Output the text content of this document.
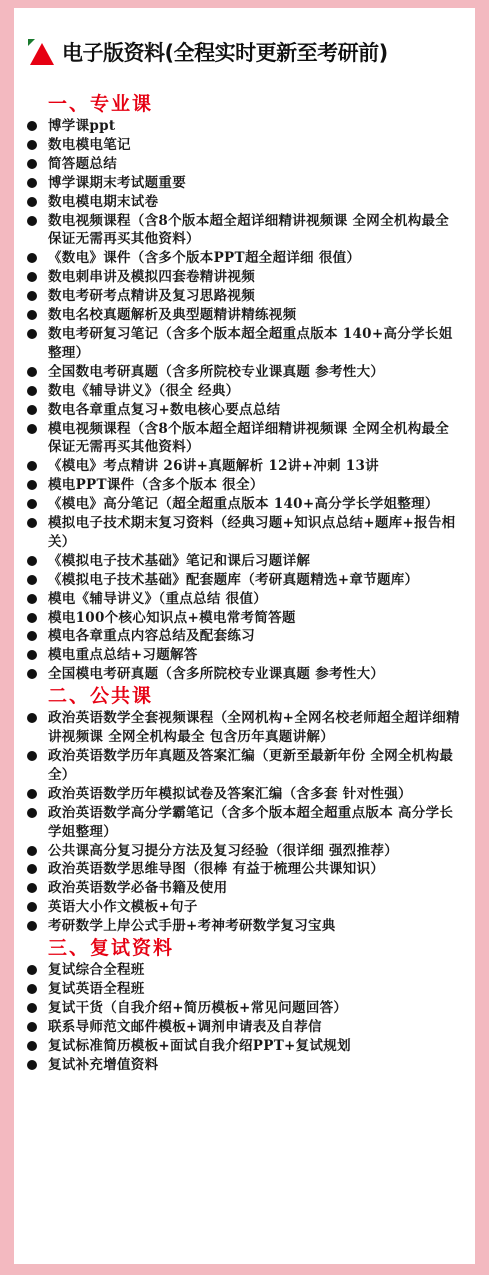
电子版资料(全程实时更新至考研前)
一、专业课
博学课ppt
数电模电笔记
简答题总结
博学课期末考试题重要
数电模电期末试卷
数电视频课程（含8个版本超全超详细精讲视频课 全网全机构最全 保证无需再买其他资料）
《数电》课件（含多个版本PPT超全超详细 很值）
数电刺串讲及模拟四套卷精讲视频
数电考研考点精讲及复习思路视频
数电名校真题解析及典型题精讲精练视频
数电考研复习笔记（含多个版本超全超重点版本 140+高分学长姐整理）
全国数电考研真题（含多所院校专业课真题 参考性大）
数电《辅导讲义》（很全 经典）
数电各章重点复习+数电核心要点总结
模电视频课程（含8个版本超全超详细精讲视频课 全网全机构最全 保证无需再买其他资料）
《模电》考点精讲 26讲+真题解析 12讲+冲刺 13讲
模电PPT课件（含多个版本 很全）
《模电》高分笔记（超全超重点版本 140+高分学长学姐整理）
模拟电子技术期末复习资料（经典习题+知识点总结+题库+报告相关）
《模拟电子技术基础》笔记和课后习题详解
《模拟电子技术基础》配套题库（考研真题精选+章节题库）
模电《辅导讲义》（重点总结 很值）
模电100个核心知识点+模电常考简答题
模电各章重点内容总结及配套练习
模电重点总结+习题解答
全国模电考研真题（含多所院校专业课真题 参考性大）
二、公共课
政治英语数学全套视频课程（全网机构+全网名校老师超全超详细精讲视频课 全网全机构最全 包含历年真题讲解）
政治英语数学历年真题及答案汇编（更新至最新年份 全网全机构最全）
政治英语数学历年模拟试卷及答案汇编（含多套 针对性强）
政治英语数学高分学霸笔记（含多个版本超全超重点版本 高分学长学姐整理）
公共课高分复习提分方法及复习经验（很详细 强烈推荐）
政治英语数学思维导图（很棒 有益于梳理公共课知识）
政治英语数学必备书籍及使用
英语大小作文模板+句子
考研数学上岸公式手册+考神考研数学复习宝典
三、复试资料
复试综合全程班
复试英语全程班
复试干货（自我介绍+简历模板+常见问题回答）
联系导师范文邮件模板+调剂申请表及自荐信
复试标准简历模板+面试自我介绍PPT+复试规划
复试补充增值资料
